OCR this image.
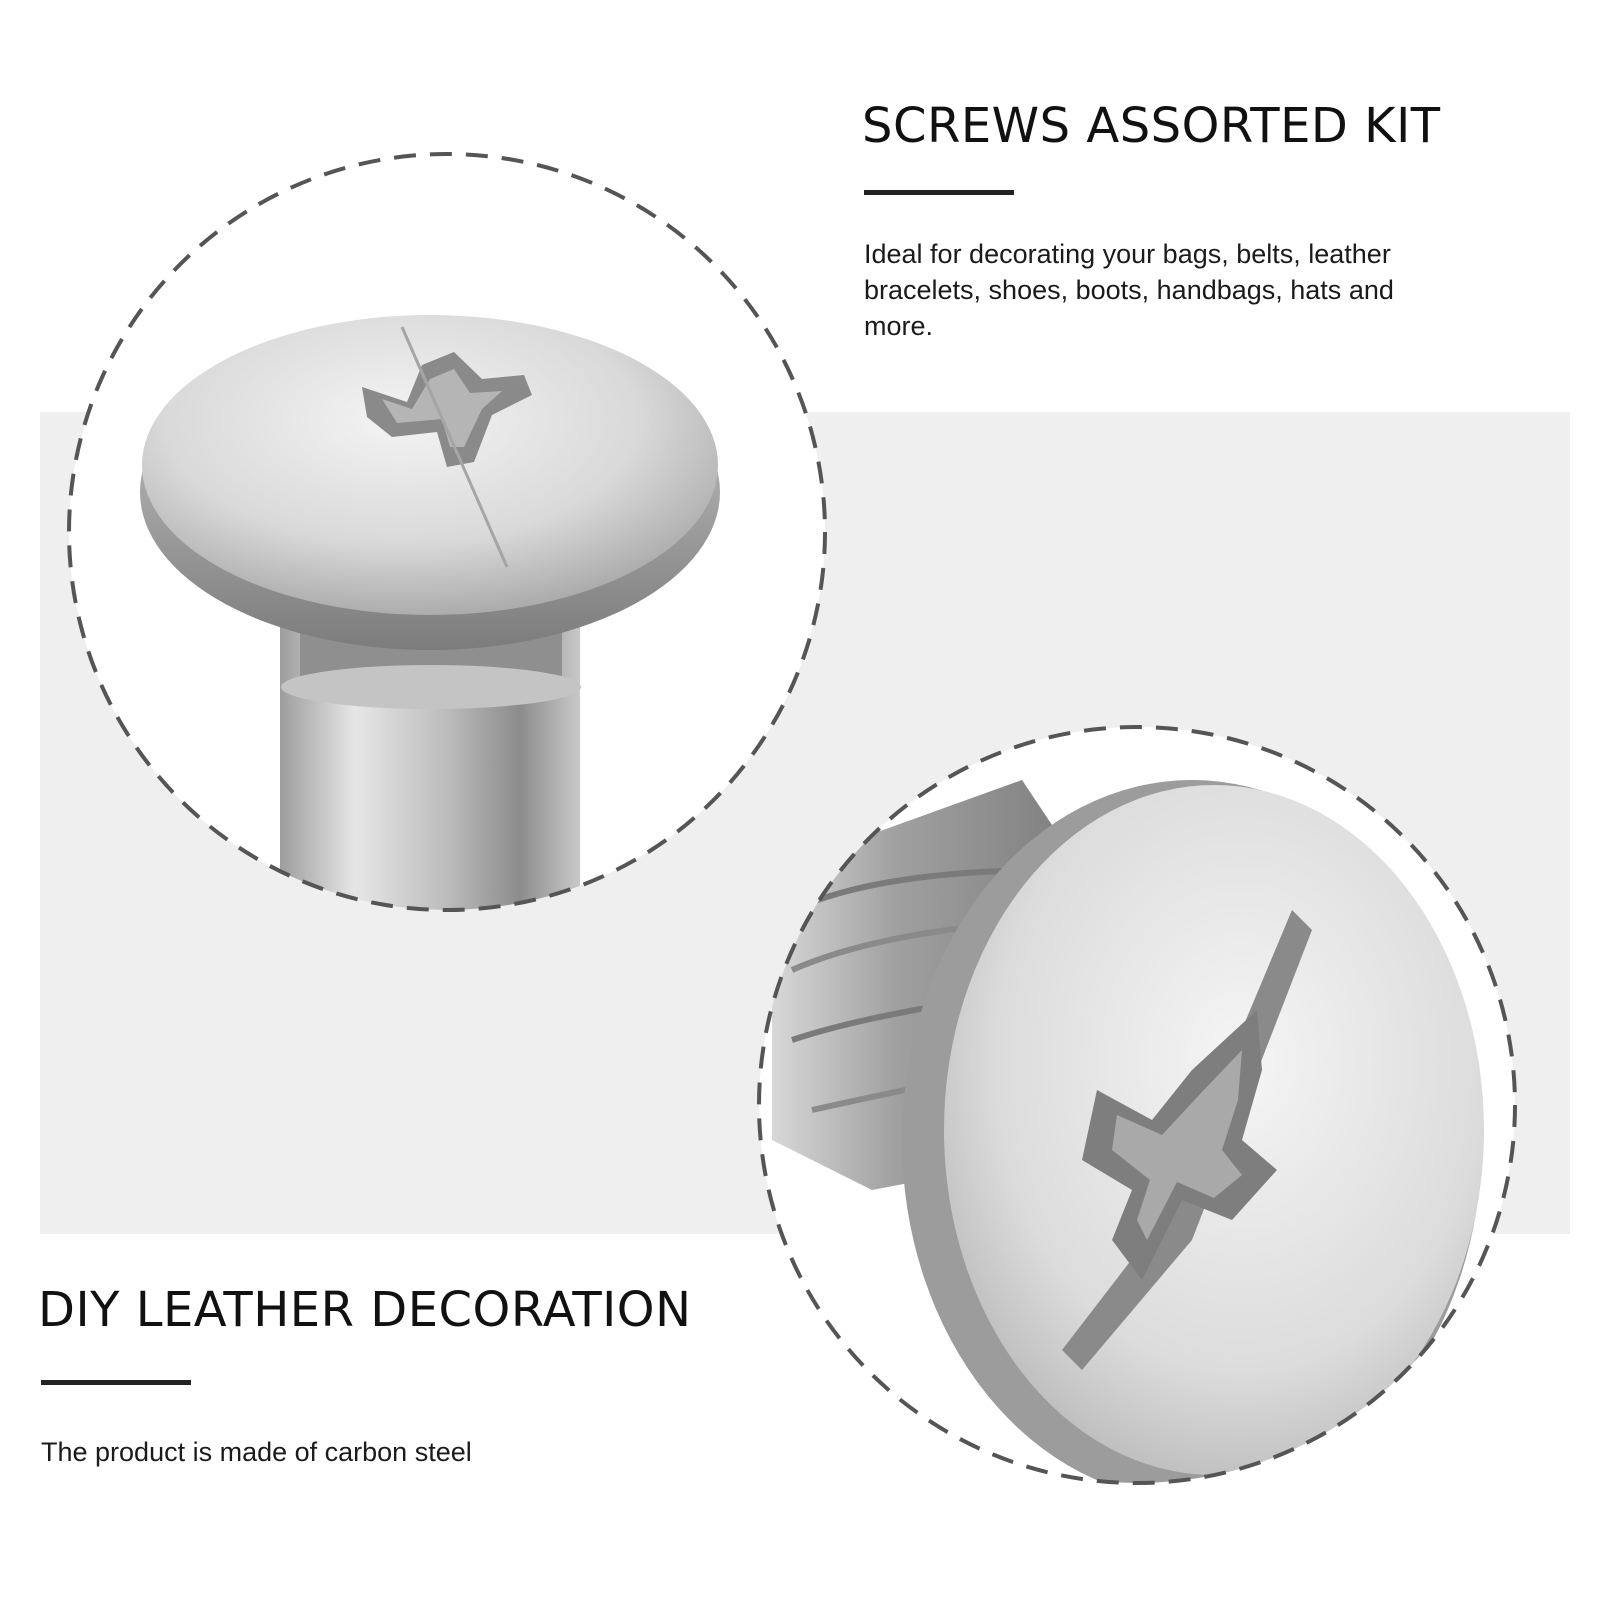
SCREWS ASSORTED KIT

Ideal for decorating your bags, belts, leather bracelets, shoes, boots, handbags, hats and more.

DIY LEATHER DECORATION

The product is made of carbon steel
